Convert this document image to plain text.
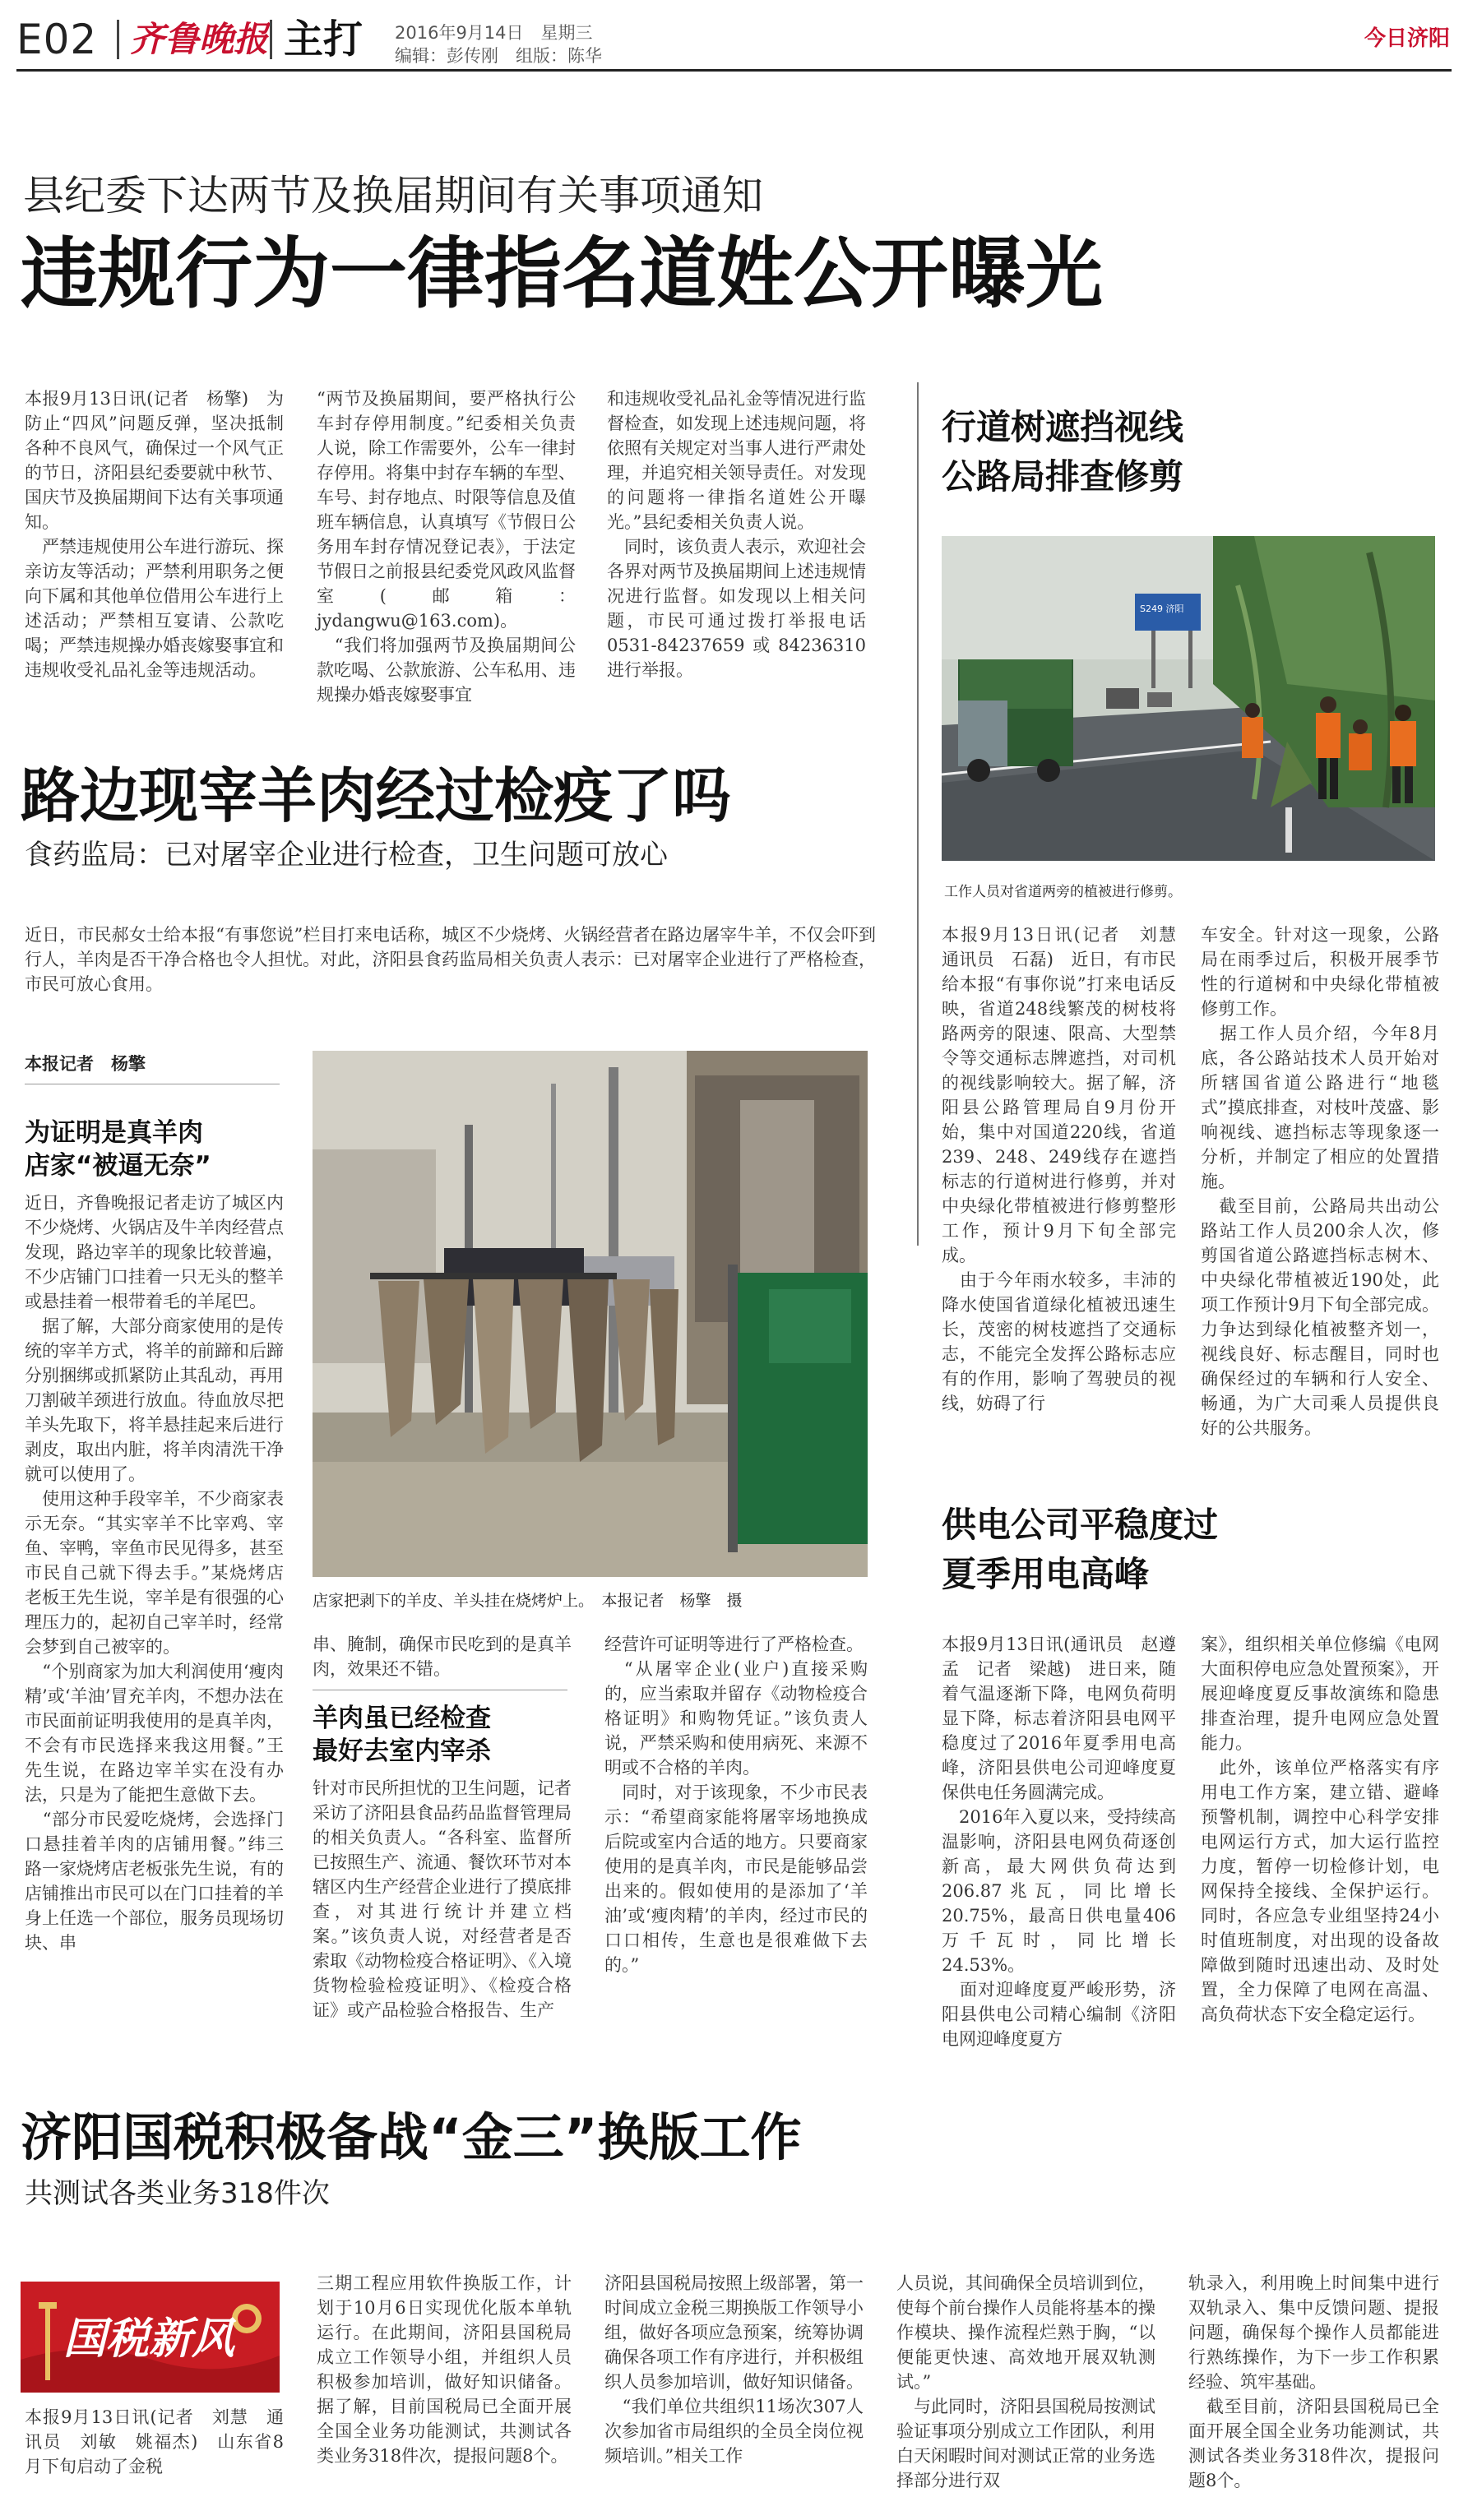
E02 齐鲁晚报 主打 2016年9月14日　星期三
编辑：彭传刚　组版：陈华
今日济阳
县纪委下达两节及换届期间有关事项通知
违规行为一律指名道姓公开曝光
本报9月13日讯(记者　杨擎)　为防止“四风”问题反弹，坚决抵制各种不良风气，确保过一个风气正的节日，济阳县纪委要就中秋节、国庆节及换届期间下达有关事项通知。
　严禁违规使用公车进行游玩、探亲访友等活动；严禁利用职务之便向下属和其他单位借用公车进行上述活动；严禁相互宴请、公款吃喝；严禁违规操办婚丧嫁娶事宜和违规收受礼品礼金等违规活动。
“两节及换届期间，要严格执行公车封存停用制度。”纪委相关负责人说，除工作需要外，公车一律封存停用。将集中封存车辆的车型、车号、封存地点、时限等信息及值班车辆信息，认真填写《节假日公务用车封存情况登记表》，于法定节假日之前报县纪委党风政风监督室(邮箱：jydangwu@163.com)。
　“我们将加强两节及换届期间公款吃喝、公款旅游、公车私用、违规操办婚丧嫁娶事宜
和违规收受礼品礼金等情况进行监督检查，如发现上述违规问题，将依照有关规定对当事人进行严肃处理，并追究相关领导责任。对发现的问题将一律指名道姓公开曝光。”县纪委相关负责人说。
　同时，该负责人表示，欢迎社会各界对两节及换届期间上述违规情况进行监督。如发现以上相关问题，市民可通过拨打举报电话0531-84237659或84236310进行举报。
路边现宰羊肉经过检疫了吗
食药监局：已对屠宰企业进行检查，卫生问题可放心
近日，市民郝女士给本报“有事您说”栏目打来电话称，城区不少烧烤、火锅经营者在路边屠宰牛羊，不仅会吓到行人，羊肉是否干净合格也令人担忧。对此，济阳县食药监局相关负责人表示：已对屠宰企业进行了严格检查，市民可放心食用。
本报记者　杨擎
为证明是真羊肉
店家“被逼无奈”
近日，齐鲁晚报记者走访了城区内不少烧烤、火锅店及牛羊肉经营点发现，路边宰羊的现象比较普遍，不少店铺门口挂着一只无头的整羊或悬挂着一根带着毛的羊尾巴。
　据了解，大部分商家使用的是传统的宰羊方式，将羊的前蹄和后蹄分别捆绑或抓紧防止其乱动，再用刀割破羊颈进行放血。待血放尽把羊头先取下，将羊悬挂起来后进行剥皮，取出内脏，将羊肉清洗干净就可以使用了。
　使用这种手段宰羊，不少商家表示无奈。“其实宰羊不比宰鸡、宰鱼、宰鸭，宰鱼市民见得多，甚至市民自己就下得去手。”某烧烤店老板王先生说，宰羊是有很强的心理压力的，起初自己宰羊时，经常会梦到自己被宰的。
　“个别商家为加大利润使用‘瘦肉精’或‘羊油’冒充羊肉，不想办法在市民面前证明我使用的是真羊肉，不会有市民选择来我这用餐。”王先生说，在路边宰羊实在没有办法，只是为了能把生意做下去。
　“部分市民爱吃烧烤，会选择门口悬挂着羊肉的店铺用餐。”纬三路一家烧烤店老板张先生说，有的店铺推出市民可以在门口挂着的羊身上任选一个部位，服务员现场切块、串
店家把剥下的羊皮、羊头挂在烧烤炉上。　本报记者　杨擎　摄
串、腌制，确保市民吃到的是真羊肉，效果还不错。
羊肉虽已经检查
最好去室内宰杀
针对市民所担忧的卫生问题，记者采访了济阳县食品药品监督管理局的相关负责人。“各科室、监督所已按照生产、流通、餐饮环节对本辖区内生产经营企业进行了摸底排查，对其进行统计并建立档案。”该负责人说，对经营者是否索取《动物检疫合格证明》、《入境货物检验检疫证明》、《检疫合格证》或产品检验合格报告、生产
经营许可证明等进行了严格检查。
　“从屠宰企业(业户)直接采购的，应当索取并留存《动物检疫合格证明》和购物凭证。”该负责人说，严禁采购和使用病死、来源不明或不合格的羊肉。
　同时，对于该现象，不少市民表示：“希望商家能将屠宰场地换成后院或室内合适的地方。只要商家使用的是真羊肉，市民是能够品尝出来的。假如使用的是添加了‘羊油’或‘瘦肉精’的羊肉，经过市民的口口相传，生意也是很难做下去的。”
行道树遮挡视线
公路局排查修剪
S249 济阳
工作人员对省道两旁的植被进行修剪。
本报9月13日讯(记者　刘慧　通讯员　石磊)　近日，有市民给本报“有事你说”打来电话反映，省道248线繁茂的树枝将路两旁的限速、限高、大型禁令等交通标志牌遮挡，对司机的视线影响较大。据了解，济阳县公路管理局自9月份开始，集中对国道220线，省道239、248、249线存在遮挡标志的行道树进行修剪，并对中央绿化带植被进行修剪整形工作，预计9月下旬全部完成。
　由于今年雨水较多，丰沛的降水使国省道绿化植被迅速生长，茂密的树枝遮挡了交通标志，不能完全发挥公路标志应有的作用，影响了驾驶员的视线，妨碍了行
车安全。针对这一现象，公路局在雨季过后，积极开展季节性的行道树和中央绿化带植被修剪工作。
　据工作人员介绍，今年8月底，各公路站技术人员开始对所辖国省道公路进行“地毯式”摸底排查，对枝叶茂盛、影响视线、遮挡标志等现象逐一分析，并制定了相应的处置措施。
　截至目前，公路局共出动公路站工作人员200余人次，修剪国省道公路遮挡标志树木、中央绿化带植被近190处，此项工作预计9月下旬全部完成。力争达到绿化植被整齐划一，视线良好、标志醒目，同时也确保经过的车辆和行人安全、畅通，为广大司乘人员提供良好的公共服务。
供电公司平稳度过
夏季用电高峰
本报9月13日讯(通讯员　赵遵孟　记者　梁越)　进日来，随着气温逐渐下降，电网负荷明显下降，标志着济阳县电网平稳度过了2016年夏季用电高峰，济阳县供电公司迎峰度夏保供电任务圆满完成。
　2016年入夏以来，受持续高温影响，济阳县电网负荷逐创新高，最大网供负荷达到206.87兆瓦，同比增长20.75%，最高日供电量406万千瓦时，同比增长24.53%。
　面对迎峰度夏严峻形势，济阳县供电公司精心编制《济阳电网迎峰度夏方
案》，组织相关单位修编《电网大面积停电应急处置预案》，开展迎峰度夏反事故演练和隐患排查治理，提升电网应急处置能力。
　此外，该单位严格落实有序用电工作方案，建立错、避峰预警机制，调控中心科学安排电网运行方式，加大运行监控力度，暂停一切检修计划，电网保持全接线、全保护运行。同时，各应急专业组坚持24小时值班制度，对出现的设备故障做到随时迅速出动、及时处置，全力保障了电网在高温、高负荷状态下安全稳定运行。
济阳国税积极备战“金三”换版工作
共测试各类业务318件次
国税新风
本报9月13日讯(记者　刘慧　通讯员　刘敏　姚福杰)　山东省8月下旬启动了金税
三期工程应用软件换版工作，计划于10月6日实现优化版本单轨运行。在此期间，济阳县国税局成立工作领导小组，并组织人员积极参加培训，做好知识储备。据了解，目前国税局已全面开展全国全业务功能测试，共测试各类业务318件次，提报问题8个。
济阳县国税局按照上级部署，第一时间成立金税三期换版工作领导小组，做好各项应急预案，统筹协调确保各项工作有序进行，并积极组织人员参加培训，做好知识储备。
　“我们单位共组织11场次307人次参加省市局组织的全员全岗位视频培训。”相关工作
人员说，其间确保全员培训到位，使每个前台操作人员能将基本的操作模块、操作流程烂熟于胸，“以便能更快速、高效地开展双轨测试。”
　与此同时，济阳县国税局按测试验证事项分别成立工作团队，利用白天闲暇时间对测试正常的业务选择部分进行双
轨录入，利用晚上时间集中进行双轨录入、集中反馈问题、提报问题，确保每个操作人员都能进行熟练操作，为下一步工作积累经验、筑牢基础。
　截至目前，济阳县国税局已全面开展全国全业务功能测试，共测试各类业务318件次，提报问题8个。
